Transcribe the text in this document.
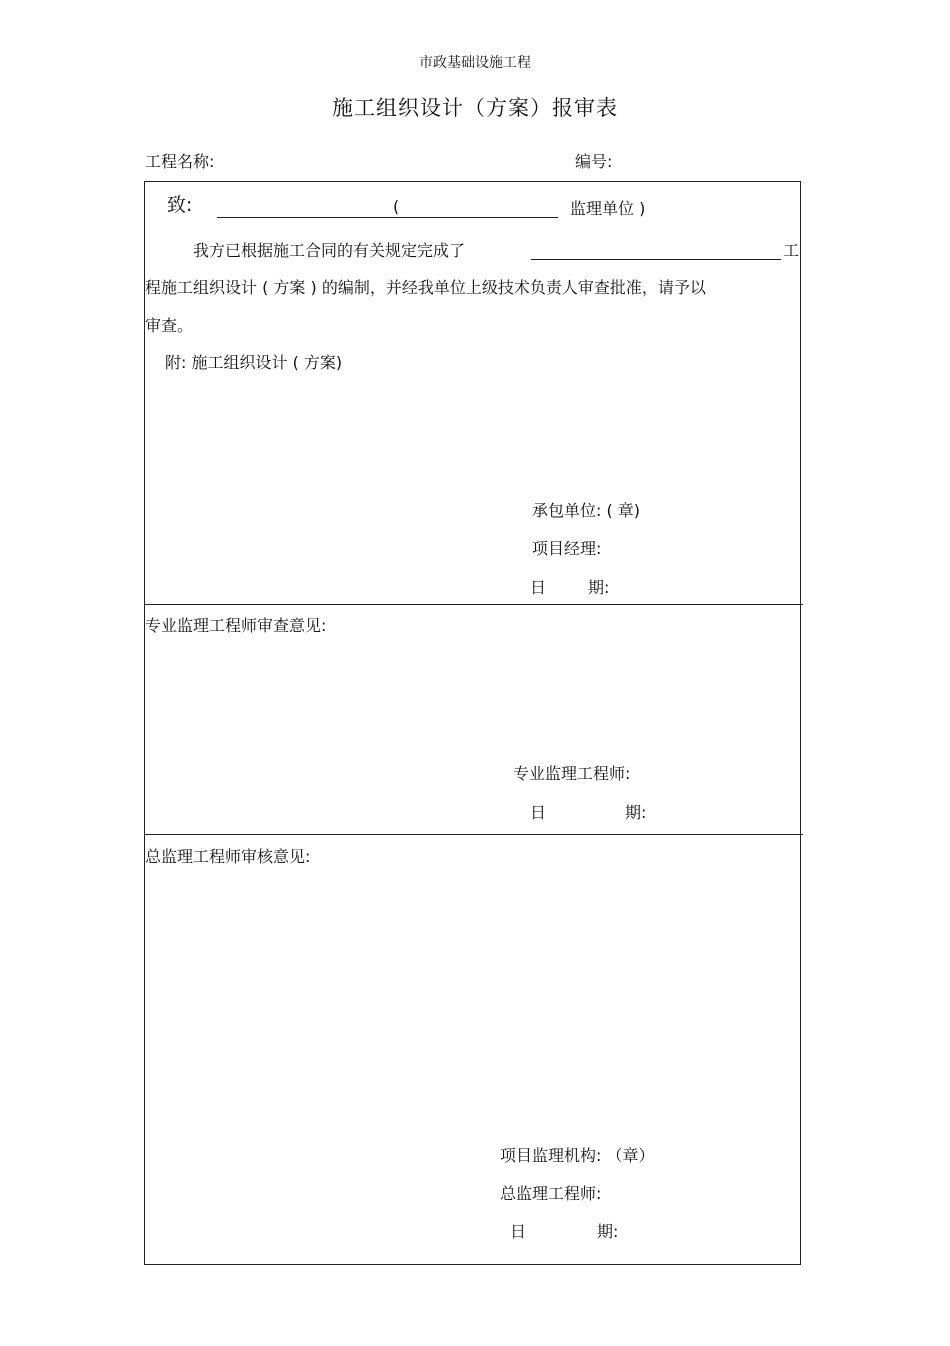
市政基础设施工程
施工组织设计（方案）报审表
工程名称:	编号:
致:	(	监理单位 )
我方已根据施工合同的有关规定完成了	工
程施工组织设计 ( 方案 ) 的编制，并经我单位上级技术负责人审查批准，请予以
审查。
附: 施工组织设计 ( 方案)
承包单位: ( 章)
项目经理:
日	期:
专业监理工程师审查意见:
专业监理工程师:
日	期:
总监理工程师审核意见:
项目监理机构: （章）
总监理工程师:
日	期:
